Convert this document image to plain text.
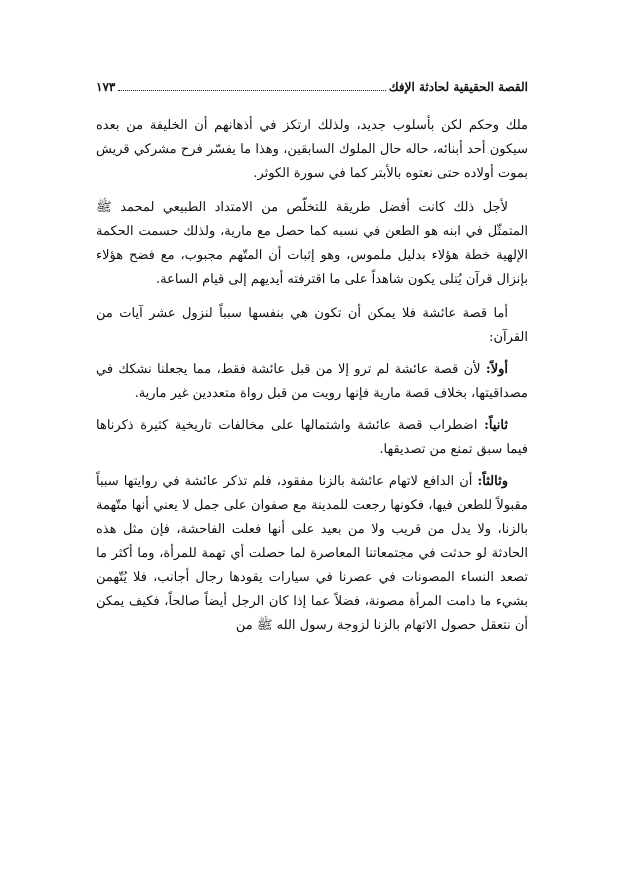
القصة الحقيقية لحادثة الإفك
١٧٣

ملك وحكم لكن بأسلوب جديد، ولذلك ارتكز في أذهانهم أن الخليفة من بعده سيكون أحد أبنائه، حاله حال الملوك السابقين، وهذا ما يفسّر فرح مشركي قريش بموت أولاده حتى نعتوه بالأبتر كما في سورة الكوثر.

لأجل ذلك كانت أفضل طريقة للتخلّص من الامتداد الطبيعي لمحمد ﷺ المتمثّل في ابنه هو الطعن في نسبه كما حصل مع مارية، ولذلك حسمت الحكمة الإلهية خطة هؤلاء بدليل ملموس، وهو إثبات أن المتّهم مجبوب، مع فضح هؤلاء بإنزال قرآن يُتلى يكون شاهداً على ما اقترفته أيديهم إلى قيام الساعة.

أما قصة عائشة فلا يمكن أن تكون هي بنفسها سبباً لنزول عشر آيات من القرآن:

أولاً: لأن قصة عائشة لم ترو إلا من قبل عائشة فقط، مما يجعلنا نشكك في مصداقيتها، بخلاف قصة مارية فإنها رويت من قبل رواة متعددين غير مارية.

ثانياً: اضطراب قصة عائشة واشتمالها على مخالفات تاريخية كثيرة ذكرناها فيما سبق تمنع من تصديقها.

وثالثاً: أن الدافع لاتهام عائشة بالزنا مفقود، فلم تذكر عائشة في روايتها سبباً مقبولاً للطعن فيها، فكونها رجعت للمدينة مع صفوان على جمل لا يعني أنها متّهمة بالزنا، ولا يدل من قريب ولا من بعيد على أنها فعلت الفاحشة، فإن مثل هذه الحادثة لو حدثت في مجتمعاتنا المعاصرة لما حصلت أي تهمة للمرأة، وما أكثر ما تصعد النساء المصونات في عصرنا في سيارات يقودها رجال أجانب، فلا يُتّهمن بشيء ما دامت المرأة مصونة، فضلاً عما إذا كان الرجل أيضاً صالحاً، فكيف يمكن أن نتعقل حصول الاتهام بالزنا لزوجة رسول الله ﷺ من
